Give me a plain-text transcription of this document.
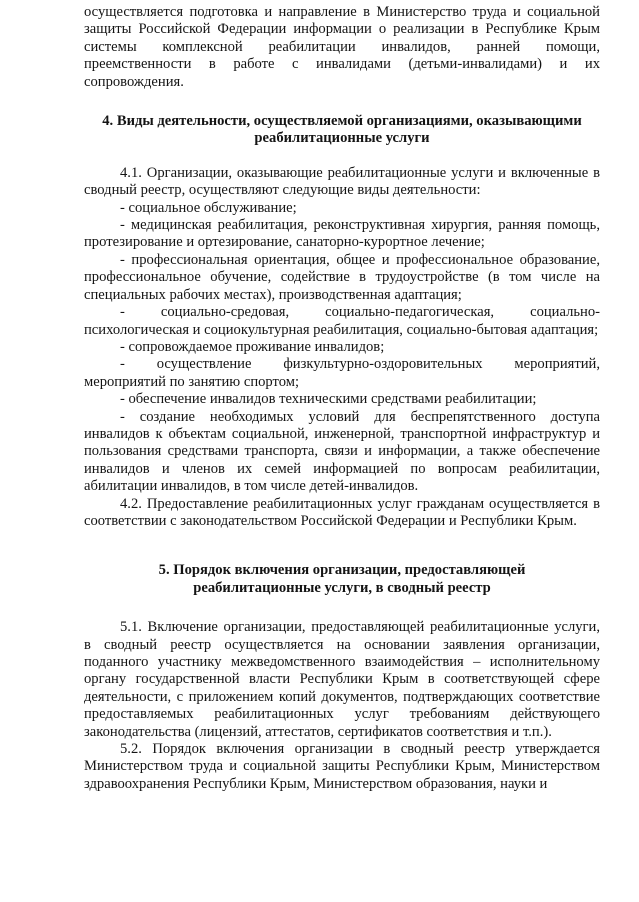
осуществляется подготовка и направление в Министерство труда и социальной защиты Российской Федерации информации о реализации в Республике Крым системы комплексной реабилитации инвалидов, ранней помощи, преемственности в работе с инвалидами (детьми-инвалидами) и их сопровождения.

4. Виды деятельности, осуществляемой организациями, оказывающими

реабилитационные услуги

4.1. Организации, оказывающие реабилитационные услуги и включенные в сводный реестр, осуществляют следующие виды деятельности:

- социальное обслуживание;

- медицинская реабилитация, реконструктивная хирургия, ранняя помощь, протезирование и ортезирование, санаторно-курортное лечение;

- профессиональная ориентация, общее и профессиональное образование, профессиональное обучение, содействие в трудоустройстве (в том числе на специальных рабочих местах), производственная адаптация;

- социально-средовая, социально-педагогическая, социально-психологическая и социокультурная реабилитация, социально-бытовая адаптация;

- сопровождаемое проживание инвалидов;

- осуществление физкультурно-оздоровительных мероприятий, мероприятий по занятию спортом;

- обеспечение инвалидов техническими средствами реабилитации;

- создание необходимых условий для беспрепятственного доступа инвалидов к объектам социальной, инженерной, транспортной инфраструктур и пользования средствами транспорта, связи и информации, а также обеспечение инвалидов и членов их семей информацией по вопросам реабилитации, абилитации инвалидов, в том числе детей-инвалидов.

4.2. Предоставление реабилитационных услуг гражданам осуществляется в соответствии с законодательством Российской Федерации и Республики Крым.

5. Порядок включения организации, предоставляющей

реабилитационные услуги, в сводный реестр

5.1. Включение организации, предоставляющей реабилитационные услуги, в сводный реестр осуществляется на основании заявления организации, поданного участнику межведомственного взаимодействия – исполнительному органу государственной власти Республики Крым в соответствующей сфере деятельности, с приложением копий документов, подтверждающих соответствие предоставляемых реабилитационных услуг требованиям действующего законодательства (лицензий, аттестатов, сертификатов соответствия и т.п.).

5.2. Порядок включения организации в сводный реестр утверждается Министерством труда и социальной защиты Республики Крым, Министерством здравоохранения Республики Крым, Министерством образования, науки и
